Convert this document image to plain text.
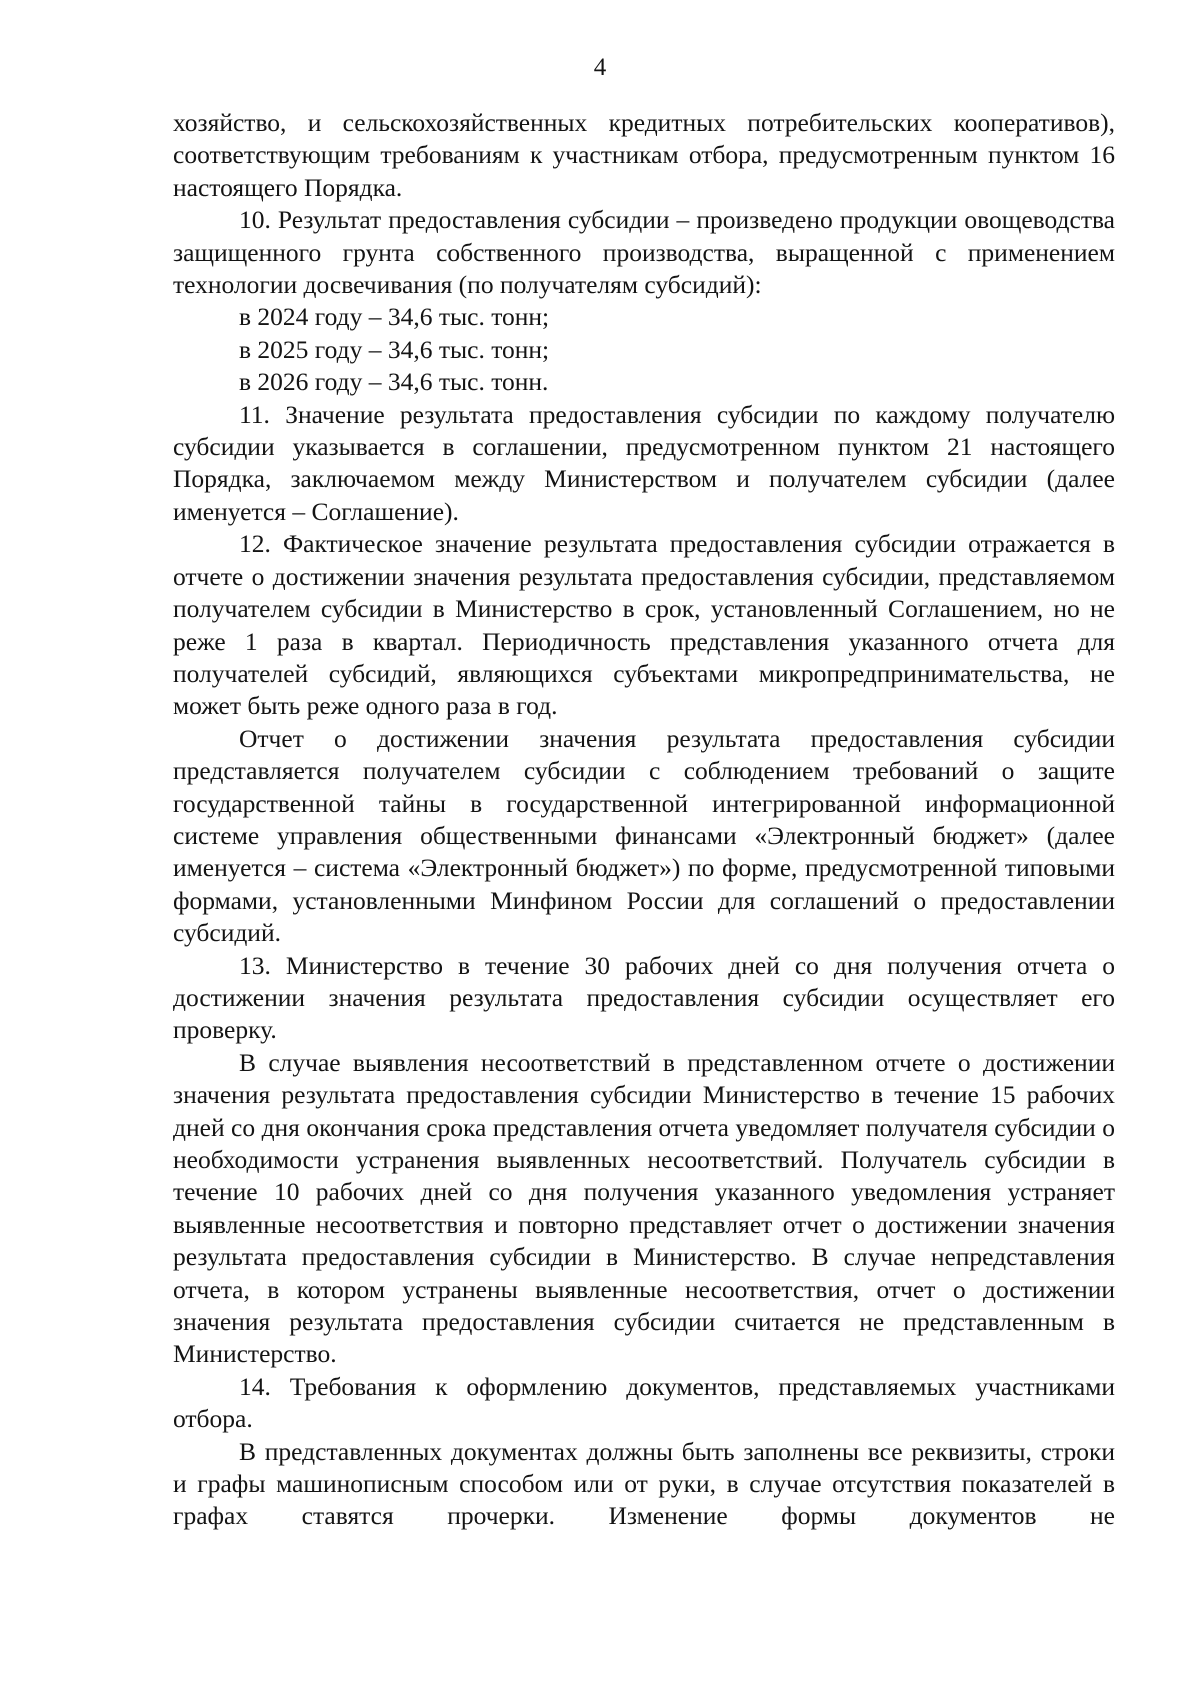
4

хозяйство, и сельскохозяйственных кредитных потребительских кооперативов), соответствующим требованиям к участникам отбора, предусмотренным пунктом 16 настоящего Порядка.

10. Результат предоставления субсидии – произведено продукции овощеводства защищенного грунта собственного производства, выращенной с применением технологии досвечивания (по получателям субсидий):

в 2024 году – 34,6 тыс. тонн;

в 2025 году – 34,6 тыс. тонн;

в 2026 году – 34,6 тыс. тонн.

11. Значение результата предоставления субсидии по каждому получателю субсидии указывается в соглашении, предусмотренном пунктом 21 настоящего Порядка, заключаемом между Министерством и получателем субсидии (далее именуется – Соглашение).

12. Фактическое значение результата предоставления субсидии отражается в отчете о достижении значения результата предоставления субсидии, представляемом получателем субсидии в Министерство в срок, установленный Соглашением, но не реже 1 раза в квартал. Периодичность представления указанного отчета для получателей субсидий, являющихся субъектами микропредпринимательства, не может быть реже одного раза в год.

Отчет о достижении значения результата предоставления субсидии представляется получателем субсидии с соблюдением требований о защите государственной тайны в государственной интегрированной информационной системе управления общественными финансами «Электронный бюджет» (далее именуется – система «Электронный бюджет») по форме, предусмотренной типовыми формами, установленными Минфином России для соглашений о предоставлении субсидий.

13. Министерство в течение 30 рабочих дней со дня получения отчета о достижении значения результата предоставления субсидии осуществляет его проверку.

В случае выявления несоответствий в представленном отчете о достижении значения результата предоставления субсидии Министерство в течение 15 рабочих дней со дня окончания срока представления отчета уведомляет получателя субсидии о необходимости устранения выявленных несоответствий. Получатель субсидии в течение 10 рабочих дней со дня получения указанного уведомления устраняет выявленные несоответствия и повторно представляет отчет о достижении значения результата предоставления субсидии в Министерство. В случае непредставления отчета, в котором устранены выявленные несоответствия, отчет о достижении значения результата предоставления субсидии считается не представленным в Министерство.

14. Требования к оформлению документов, представляемых участниками отбора.

В представленных документах должны быть заполнены все реквизиты, строки и графы машинописным способом или от руки, в случае отсутствия показателей в графах ставятся прочерки. Изменение формы документов не
